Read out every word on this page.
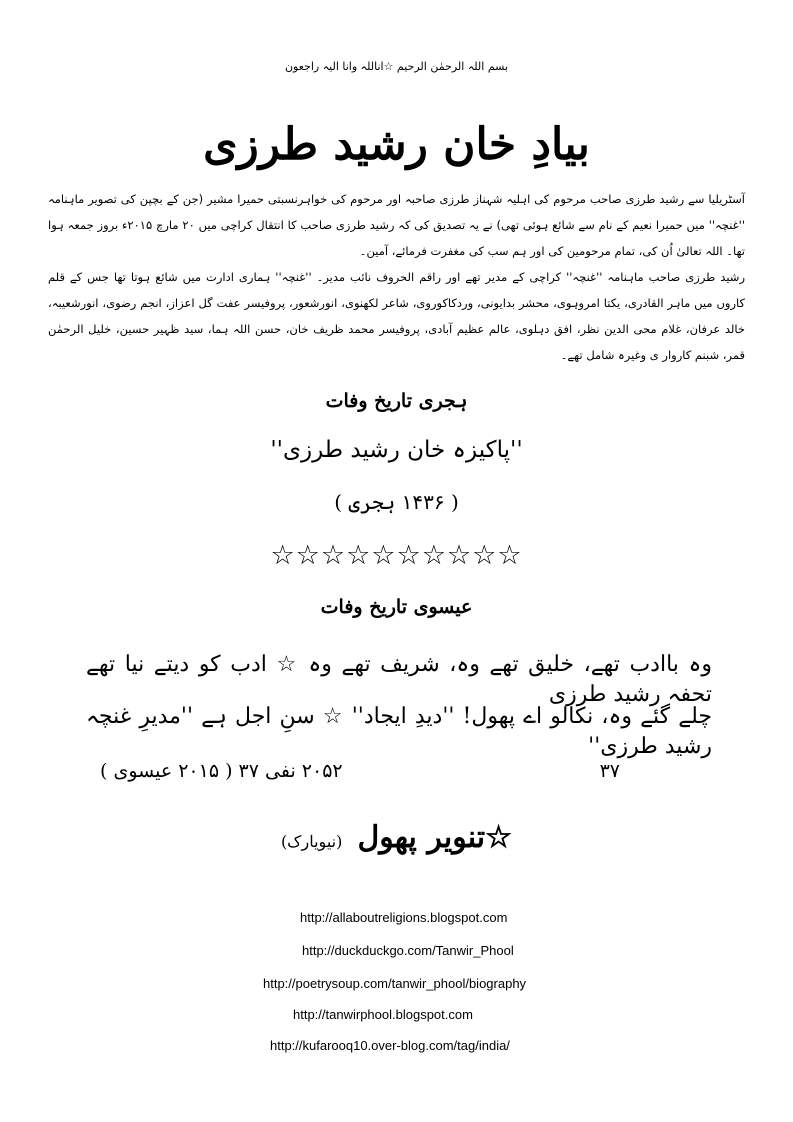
بسم اللہ الرحمٰن الرحیم ☆اناللہ وانا الیہ راجعون
بیادِ خان رشید طرزی

آسٹریلیا سے رشید طرزی صاحب مرحوم کی اہلیہ شہناز طرزی صاحبہ اور مرحوم کی خواہرنسبتی حمیرا مشیر (جن کے بچپن کی تصویر ماہنامہ ''غنچہ'' میں حمیرا نعیم کے نام سے شائع ہوئی تھی) نے یہ تصدیق کی کہ رشید طرزی صاحب کا انتقال کراچی میں ۲۰ مارچ ۲۰۱۵ء بروز جمعہ ہوا تھا۔ اللہ تعالیٰ اُن کی، تمام مرحومین کی اور ہم سب کی مغفرت فرمائے، آمین۔

رشید طرزی صاحب ماہنامہ ''غنچہ'' کراچی کے مدیر تھے اور راقم الحروف نائب مدیر۔ ''غنچہ'' ہماری ادارت میں شائع ہوتا تھا جس کے قلم کاروں میں ماہر القادری، یکتا امروہوی، محشر بدایونی، وردکاکوروی، شاعر لکھنوی، انورشعور، پروفیسر عفت گل اعزاز، انجم رضوی، انورشعیبہ، خالد عرفان، غلام محی الدین نظر، افق دہلوی، عالم عظیم آبادی، پروفیسر محمد ظریف خان، حسن اللہ ہما، سید ظہیر حسین، خلیل الرحمٰن قمر، شبنم کاروار ی وغیرہ شامل تھے۔

ہجری تاریخ وفات
''پاکیزہ خان رشید طرزی''
( ۱۴۳۶ ہجری )
☆☆☆☆☆☆☆☆☆☆
عیسوی تاریخ وفات
وہ باادب تھے، خلیق تھے وہ، شریف تھے وہ ☆ ادب کو دیتے نیا تھے تحفہ رشید طرزی
چلے گئے وہ، نکالو اے پھول! ''دیدِ ایجاد'' ☆ سنِ اجل ہے ''مدیرِ غنچہ رشید طرزی''
۳۷
۲۰۵۲ نفی ۳۷ ( ۲۰۱۵ عیسوی )
☆تنویر پھول (نیویارک)
http://allaboutreligions.blogspot.com
http://duckduckgo.com/Tanwir_Phool
http://poetrysoup.com/tanwir_phool/biography
http://tanwirphool.blogspot.com
http://kufarooq10.over-blog.com/tag/india/
